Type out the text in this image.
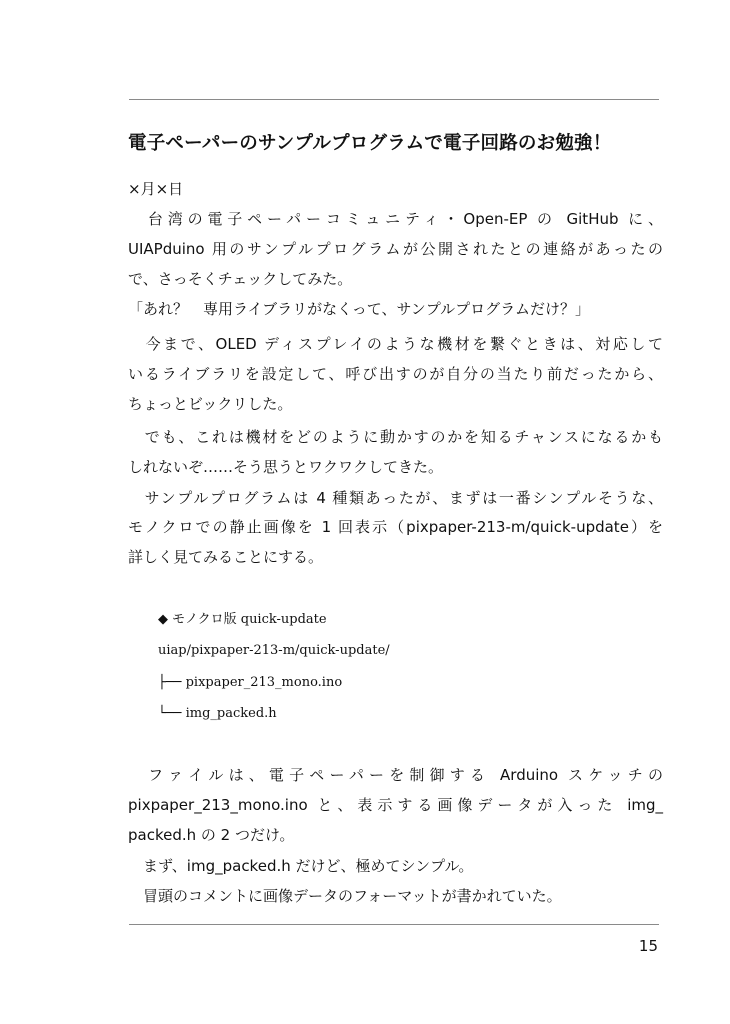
電子ペーパーのサンプルプログラムで電子回路のお勉強！
×月×日
　台湾の電子ペーパーコミュニティ・Open-EP の GitHub に、
UIAPduino 用のサンプルプログラムが公開されたとの連絡があったの
で、さっそくチェックしてみた。
「あれ？　専用ライブラリがなくって、サンプルプログラムだけ？」
　今まで、OLED ディスプレイのような機材を繋ぐときは、対応して
いるライブラリを設定して、呼び出すのが自分の当たり前だったから、
ちょっとビックリした。
　でも、これは機材をどのように動かすのかを知るチャンスになるかも
しれないぞ……そう思うとワクワクしてきた。
　サンプルプログラムは 4 種類あったが、まずは一番シンプルそうな、
モノクロでの静止画像を 1 回表示（pixpaper-213-m/quick-update）を
詳しく見てみることにする。
◆ モノクロ版 quick-update
uiap/pixpaper-213-m/quick-update/
├── pixpaper_213_mono.ino
└── img_packed.h
　ファイルは、電子ペーパーを制御する Arduino スケッチの
pixpaper_213_mono.ino と、表示する画像データが入った img_
packed.h の 2 つだけ。
　まず、img_packed.h だけど、極めてシンプル。
　冒頭のコメントに画像データのフォーマットが書かれていた。
15
